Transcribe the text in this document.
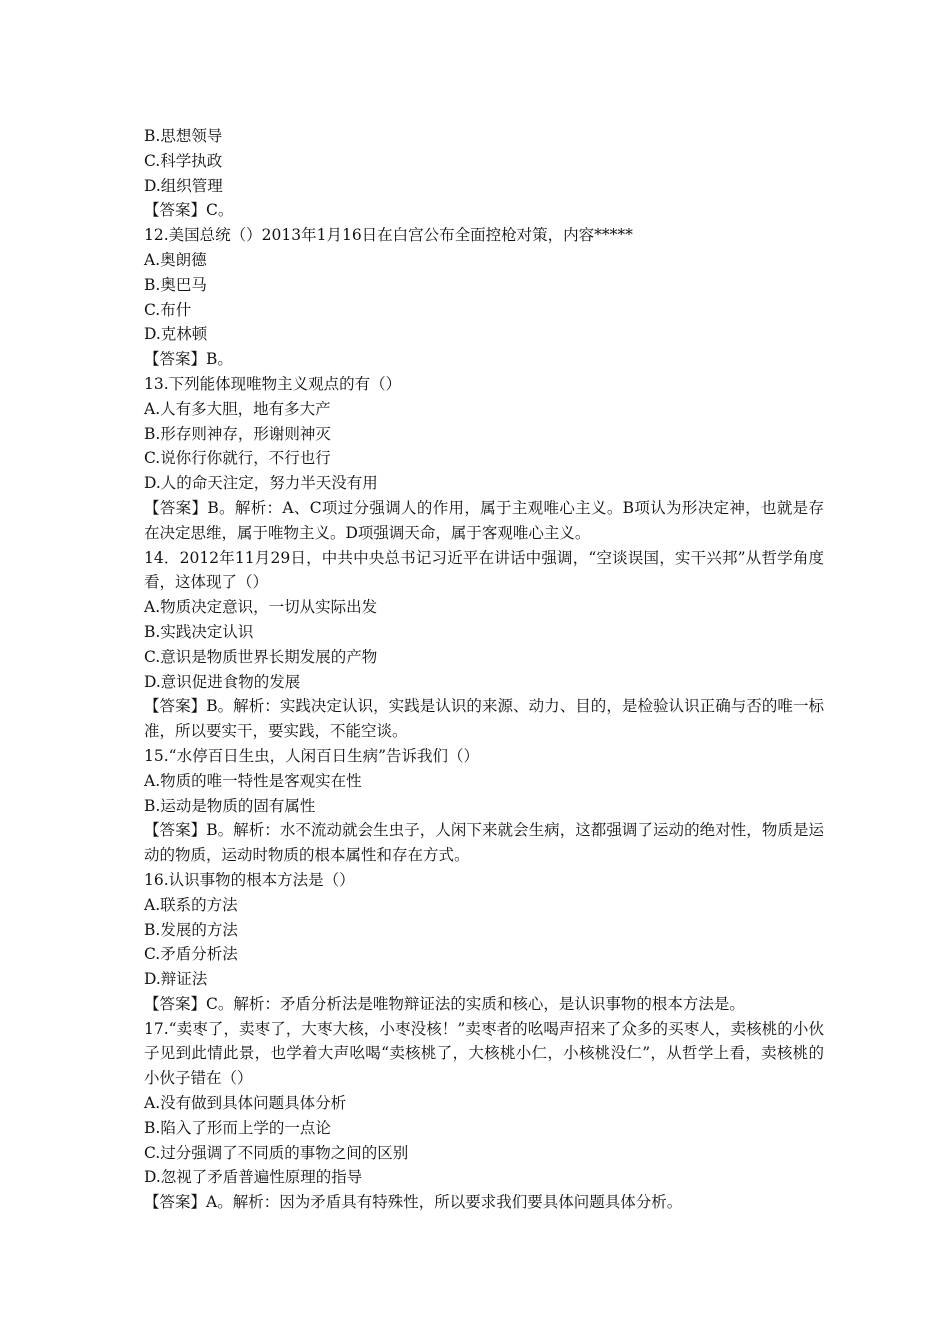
B.思想领导
C.科学执政
D.组织管理
【答案】C。
12.美国总统（）2013年1月16日在白宫公布全面控枪对策，内容*****
A.奥朗德
B.奥巴马
C.布什
D.克林顿
【答案】B。
13.下列能体现唯物主义观点的有（）
A.人有多大胆，地有多大产
B.形存则神存，形谢则神灭
C.说你行你就行，不行也行
D.人的命天注定，努力半天没有用
【答案】B。解析：A、C项过分强调人的作用，属于主观唯心主义。B项认为形决定神，也就是存在决定思维，属于唯物主义。D项强调天命，属于客观唯心主义。
14．2012年11月29日，中共中央总书记习近平在讲话中强调，“空谈误国，实干兴邦”从哲学角度看，这体现了（）
A.物质决定意识，一切从实际出发
B.实践决定认识
C.意识是物质世界长期发展的产物
D.意识促进食物的发展
【答案】B。解析：实践决定认识，实践是认识的来源、动力、目的，是检验认识正确与否的唯一标准，所以要实干，要实践，不能空谈。
15.“水停百日生虫，人闲百日生病”告诉我们（）
A.物质的唯一特性是客观实在性
B.运动是物质的固有属性
【答案】B。解析：水不流动就会生虫子，人闲下来就会生病，这都强调了运动的绝对性，物质是运动的物质，运动时物质的根本属性和存在方式。
16.认识事物的根本方法是（）
A.联系的方法
B.发展的方法
C.矛盾分析法
D.辩证法
【答案】C。解析：矛盾分析法是唯物辩证法的实质和核心，是认识事物的根本方法是。
17.“卖枣了，卖枣了，大枣大核，小枣没核！”卖枣者的吆喝声招来了众多的买枣人，卖核桃的小伙子见到此情此景，也学着大声吆喝“卖核桃了，大核桃小仁，小核桃没仁”，从哲学上看，卖核桃的小伙子错在（）
A.没有做到具体问题具体分析
B.陷入了形而上学的一点论
C.过分强调了不同质的事物之间的区别
D.忽视了矛盾普遍性原理的指导
【答案】A。解析：因为矛盾具有特殊性，所以要求我们要具体问题具体分析。
